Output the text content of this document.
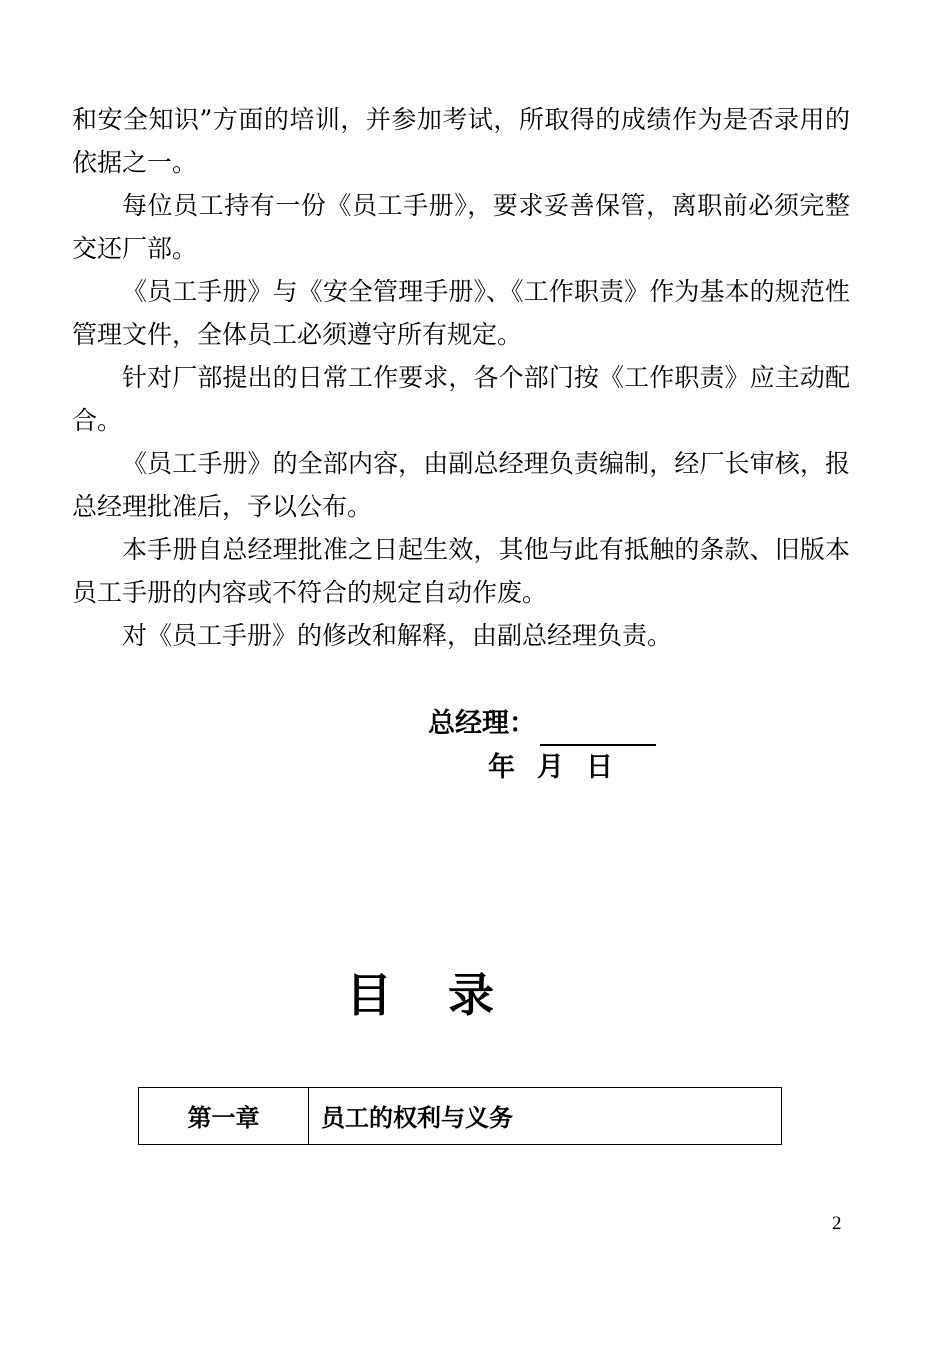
和安全知识”方面的培训，并参加考试，所取得的成绩作为是否录用的依据之一。

每位员工持有一份《员工手册》，要求妥善保管，离职前必须完整交还厂部。

《员工手册》与《安全管理手册》、《工作职责》作为基本的规范性管理文件，全体员工必须遵守所有规定。

针对厂部提出的日常工作要求，各个部门按《工作职责》应主动配合。

《员工手册》的全部内容，由副总经理负责编制，经厂长审核，报总经理批准后，予以公布。

本手册自总经理批准之日起生效，其他与此有抵触的条款、旧版本员工手册的内容或不符合的规定自动作废。

对《员工手册》的修改和解释，由副总经理负责。

总经理：
年 月 日
目 录
第一章	员工的权利与义务
2
